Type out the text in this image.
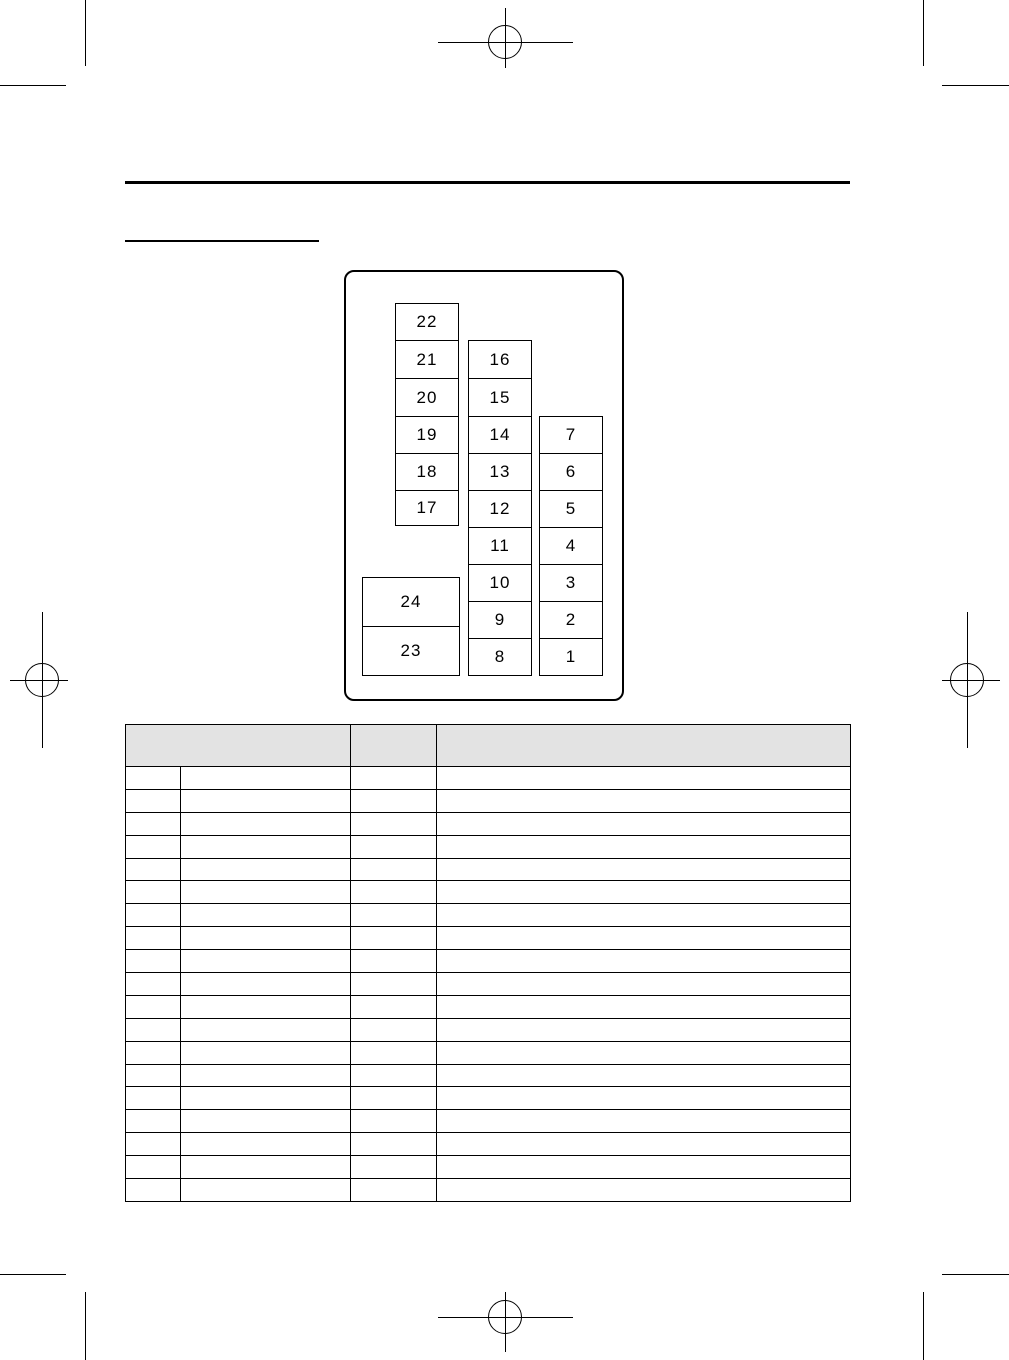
22
21
20
19
18
17
16
15
14
13
12
11
10
9
8
7
6
5
4
3
2
1
24
23
